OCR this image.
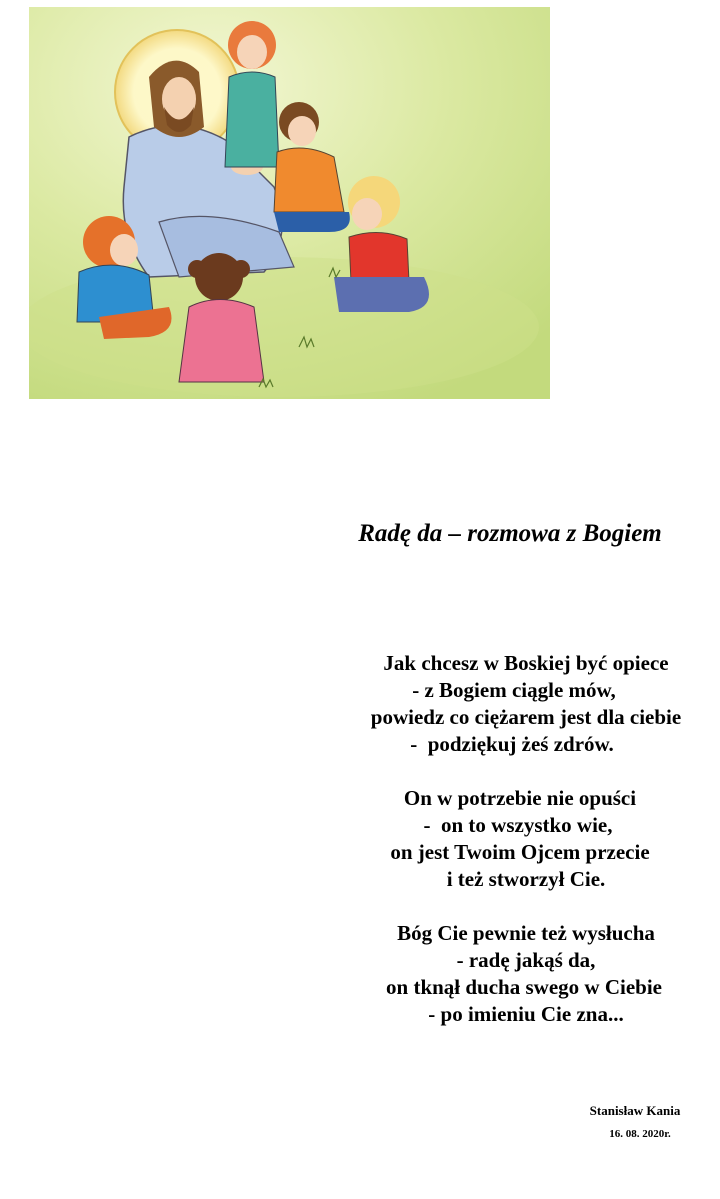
Radę da – rozmowa z Bogiem
Jak chcesz w Boskiej być opiece
- z Bogiem ciągle mów,
powiedz co ciężarem jest dla ciebie
-  podziękuj żeś zdrów.
On w potrzebie nie opuści
-  on to wszystko wie,
on jest Twoim Ojcem przecie
i też stworzył Cie.
Bóg Cie pewnie też wysłucha
- radę jakąś da,
on tknął ducha swego w Ciebie
- po imieniu Cie zna...
Stanisław Kania
16. 08. 2020r.
